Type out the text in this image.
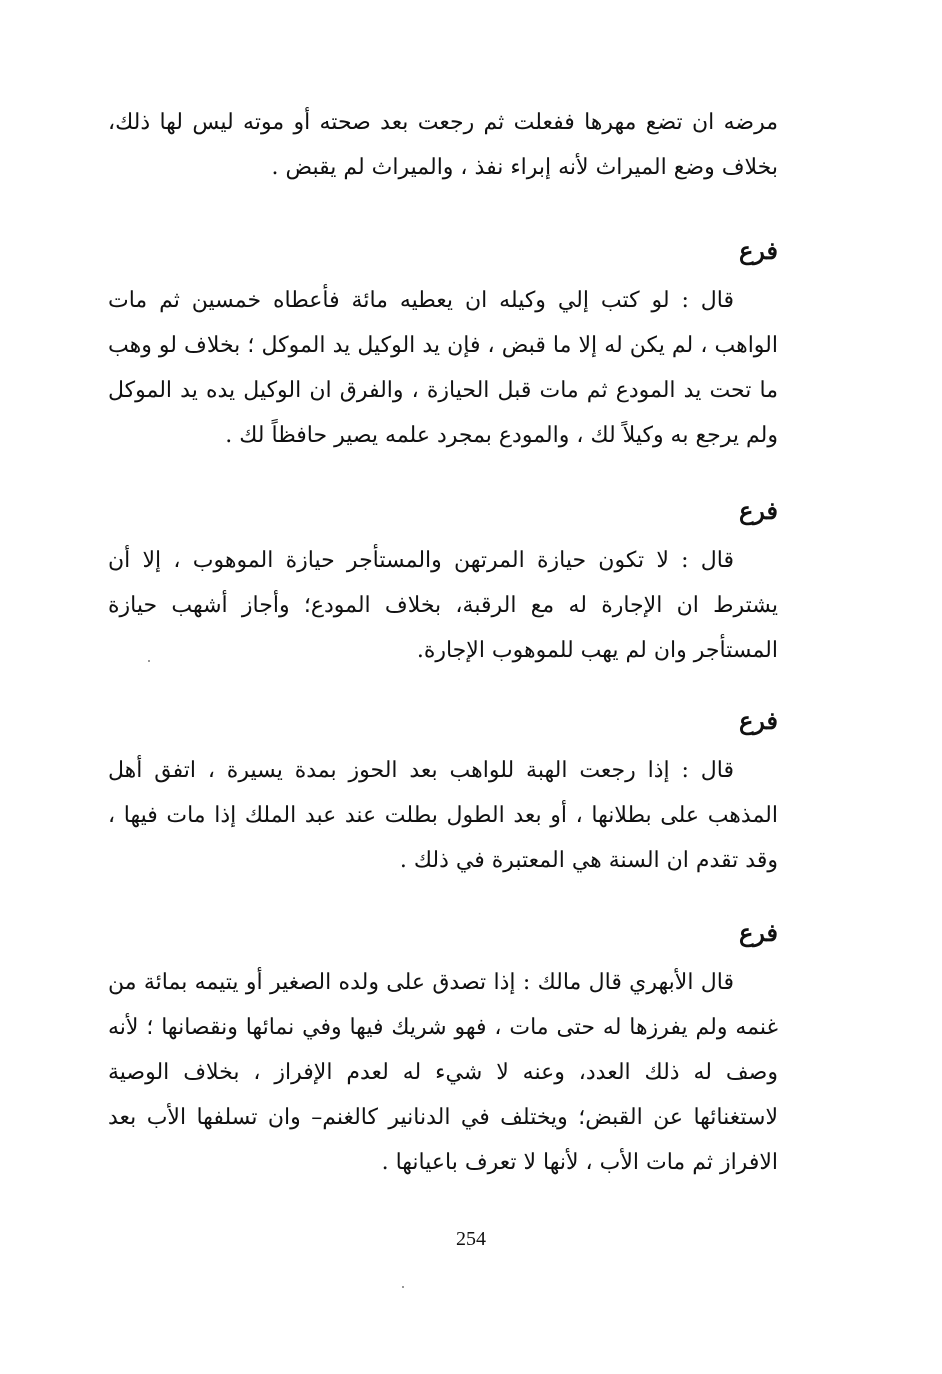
مرضه ان تضع مهرها ففعلت ثم رجعت بعد صحته أو موته ليس لها ذلك، بخلاف وضع الميراث لأنه إبراء نفذ ، والميراث لم يقبض .

فرع

قال : لو كتب إلي وكيله ان يعطيه مائة فأعطاه خمسين ثم مات الواهب ، لم يكن له إلا ما قبض ، فإن يد الوكيل يد الموكل ؛ بخلاف لو وهب ما تحت يد المودع ثم مات قبل الحيازة ، والفرق ان الوكيل يده يد الموكل ولم يرجع به وكيلاً لك ، والمودع بمجرد علمه يصير حافظاً لك .

فرع

قال : لا تكون حيازة المرتهن والمستأجر حيازة الموهوب ، إلا أن يشترط ان الإجارة له مع الرقبة، بخلاف المودع؛ وأجاز أشهب حيازة المستأجر وان لم يهب للموهوب الإجارة.

فرع

قال : إذا رجعت الهبة للواهب بعد الحوز بمدة يسيرة ، اتفق أهل المذهب على بطلانها ، أو بعد الطول بطلت عند عبد الملك إذا مات فيها ، وقد تقدم ان السنة هي المعتبرة في ذلك .

فرع

قال الأبهري قال مالك : إذا تصدق على ولده الصغير أو يتيمه بمائة من غنمه ولم يفرزها له حتى مات ، فهو شريك فيها وفي نمائها ونقصانها ؛ لأنه وصف له ذلك العدد، وعنه لا شيء له لعدم الإفراز ، بخلاف الوصية لاستغنائها عن القبض؛ ويختلف في الدنانير كالغنم– وان تسلفها الأب بعد الافراز ثم مات الأب ، لأنها لا تعرف باعيانها .

254
